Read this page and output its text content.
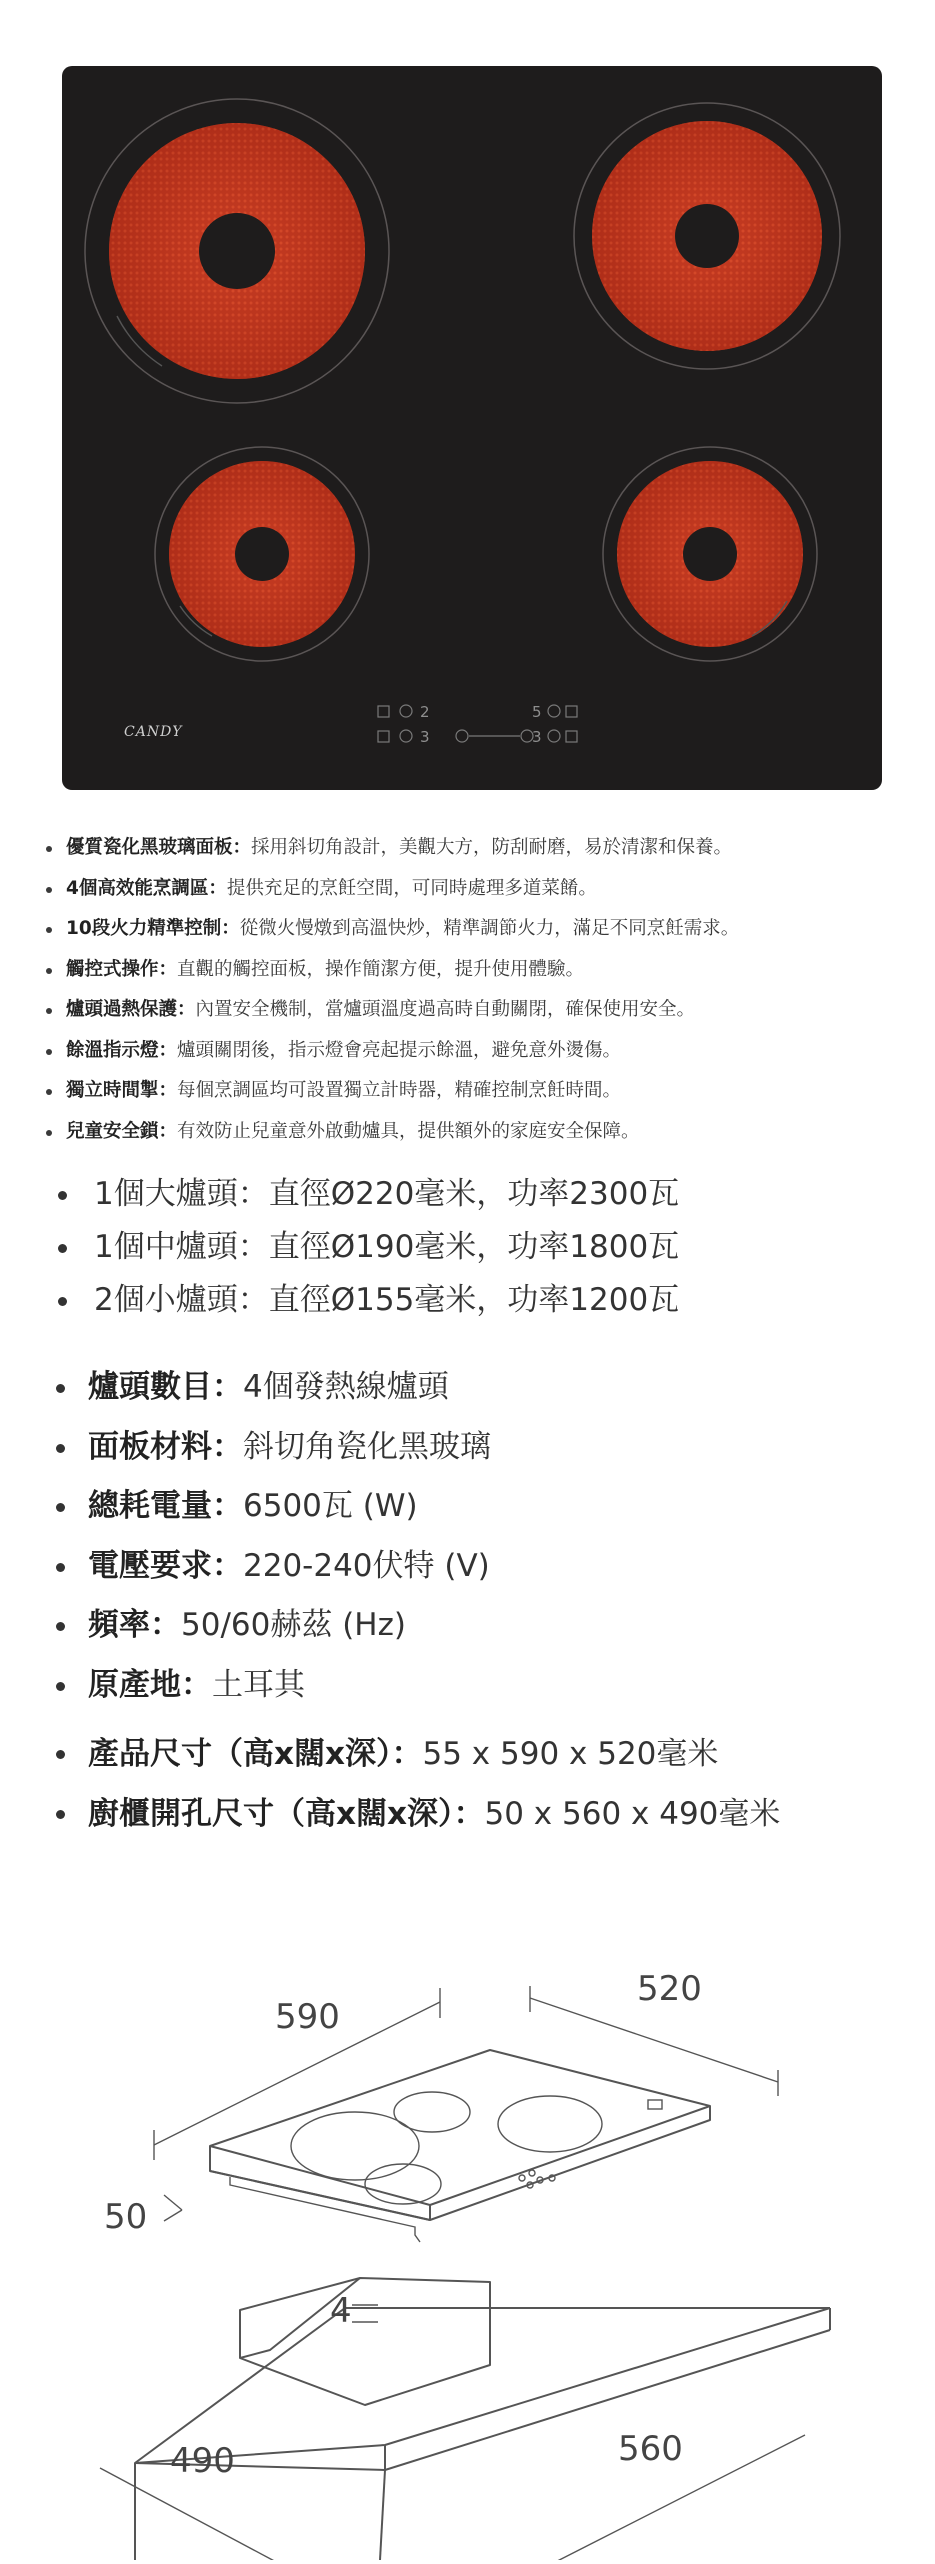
CANDY
2
3
5
3
優質瓷化黑玻璃面板：採用斜切角設計，美觀大方，防刮耐磨，易於清潔和保養。
4個高效能烹調區：提供充足的烹飪空間，可同時處理多道菜餚。
10段火力精準控制：從微火慢燉到高溫快炒，精準調節火力，滿足不同烹飪需求。
觸控式操作：直觀的觸控面板，操作簡潔方便，提升使用體驗。
爐頭過熱保護：內置安全機制，當爐頭溫度過高時自動關閉，確保使用安全。
餘溫指示燈：爐頭關閉後，指示燈會亮起提示餘溫，避免意外燙傷。
獨立時間掣：每個烹調區均可設置獨立計時器，精確控制烹飪時間。
兒童安全鎖：有效防止兒童意外啟動爐具，提供額外的家庭安全保障。
1個大爐頭：直徑Ø220毫米，功率2300瓦
1個中爐頭：直徑Ø190毫米，功率1800瓦
2個小爐頭：直徑Ø155毫米，功率1200瓦
爐頭數目：4個發熱線爐頭
面板材料：斜切角瓷化黑玻璃
總耗電量：6500瓦 (W)
電壓要求：220-240伏特 (V)
頻率：50/60赫茲 (Hz)
原產地：土耳其
產品尺寸（高x闊x深）：55 x 590 x 520毫米
廚櫃開孔尺寸（高x闊x深）：50 x 560 x 490毫米
590
520
50
4
490	560
